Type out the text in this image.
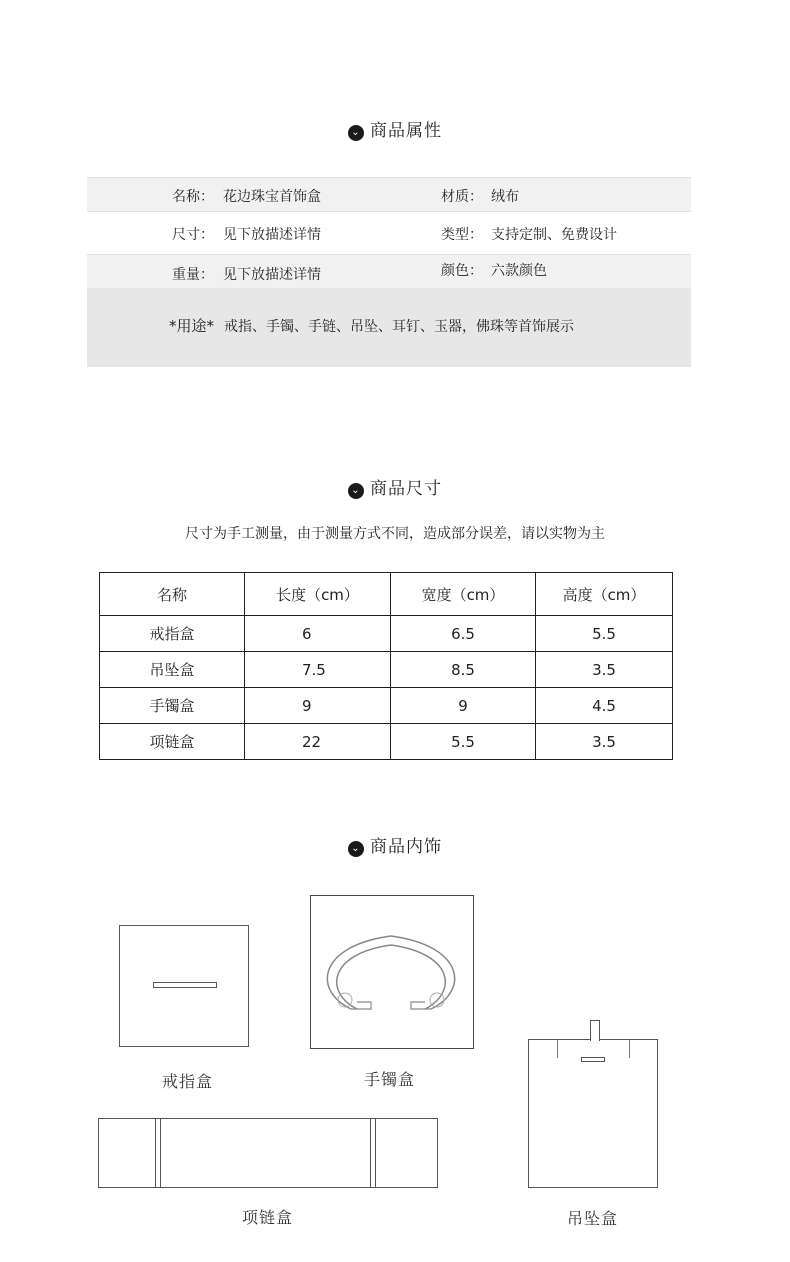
⌄ 商品属性
名称： 花边珠宝首饰盒	材质： 绒布
尺寸： 见下放描述详情	类型： 支持定制、免费设计
重量： 见下放描述详情	颜色： 六款颜色
*用途* 戒指、手镯、手链、吊坠、耳钉、玉器，佛珠等首饰展示
⌄ 商品尺寸
尺寸为手工测量，由于测量方式不同，造成部分误差，请以实物为主
名称	长度（cm）	宽度（cm）	高度（cm）
戒指盒	6	6.5	5.5
吊坠盒	7.5	8.5	3.5
手镯盒	9	9	4.5
项链盒	22	5.5	3.5
⌄ 商品内饰
戒指盒	手镯盒
吊坠盒
项链盒
